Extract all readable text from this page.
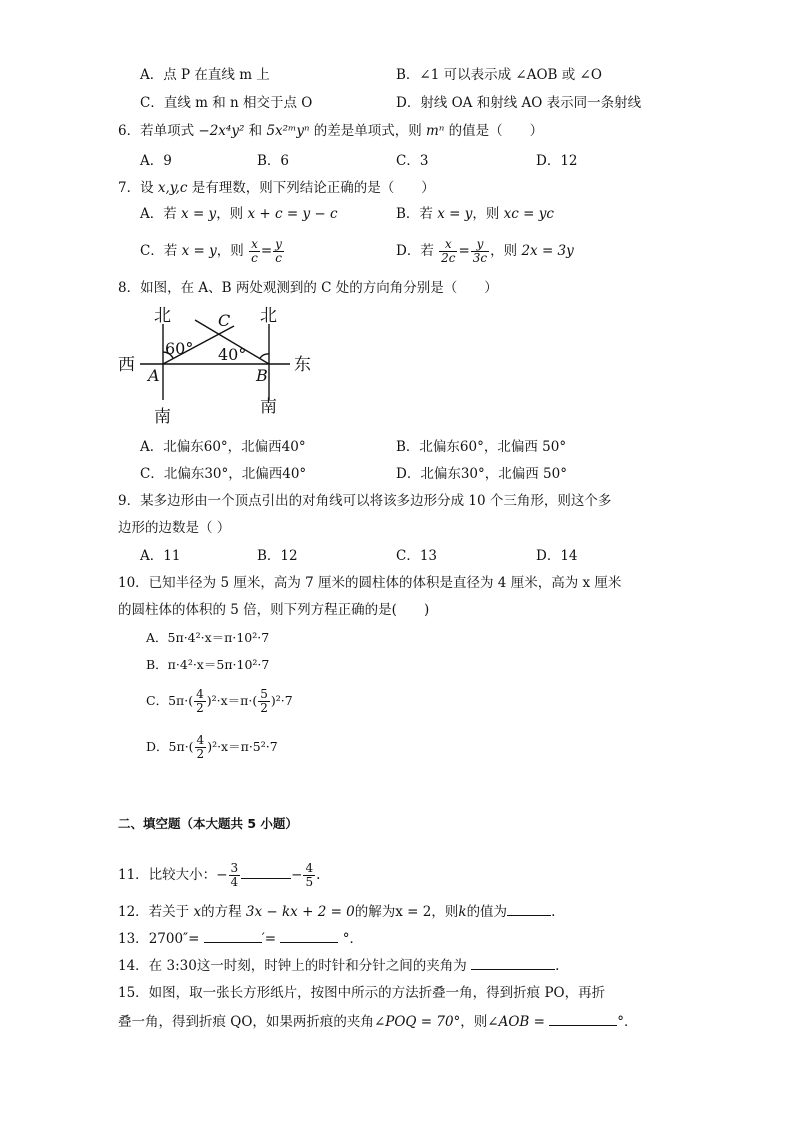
A．点 P 在直线 m 上	B．∠1 可以表示成 ∠AOB 或 ∠O
C．直线 m 和 n 相交于点 O	D．射线 OA 和射线 AO 表示同一条射线
6．若单项式 −2x⁴y² 和 5x²ᵐyⁿ 的差是单项式，则 mⁿ 的值是（　　）
A．9	B．6	C．3	D．12
7．设 x,y,c 是有理数，则下列结论正确的是（　　）
A．若 x = y，则 x + c = y − c	B．若 x = y，则 xc = yc
C．若 x = y，则 $\frac{x}{c} = \frac{y}{c}$	D．若 $\frac{x}{2c} = \frac{y}{3c}$ ，则 2x = 3y
8．如图，在 A、B 两处观测到的 C 处的方向角分别是（　　）
北	北
西	东
南	南
60° 40°
A	B
C
A．北偏东60°，北偏西40°	B．北偏东60°，北偏西 50°
C．北偏东30°，北偏西40°	D．北偏东30°，北偏西 50°
9．某多边形由一个顶点引出的对角线可以将该多边形分成 10 个三角形，则这个多
边形的边数是（ ）
A．11	B．12	C．13	D．14
10．已知半径为 5 厘米，高为 7 厘米的圆柱体的体积是直径为 4 厘米，高为 x 厘米
的圆柱体的体积的 5 倍，则下列方程正确的是(　　)
A．5π·4²·x＝π·10²·7
B．π·4²·x＝5π·10²·7
C．$5\pi\cdot( \frac{4}{2} )^2\cdot x=\pi\cdot( \frac{5}{2} )^2\cdot 7$
D．$5\pi\cdot( \frac{4}{2} )^2\cdot x=\pi\cdot 5^2\cdot 7$
二、填空题（本大题共 5 小题）
11．比较大小：− $\frac{3}{4}$	− $\frac{4}{5}$ .
12．若关于 x的方程 3x − kx + 2 = 0的解为x = 2，则k的值为	.
13．2700″=	′=	°．
14．在 3:30这一时刻，时钟上的时针和分针之间的夹角为	.
15．如图，取一张长方形纸片，按图中所示的方法折叠一角，得到折痕 PO，再折
叠一角，得到折痕 QO，如果两折痕的夹角∠POQ = 70°，则∠AOB =	°．
